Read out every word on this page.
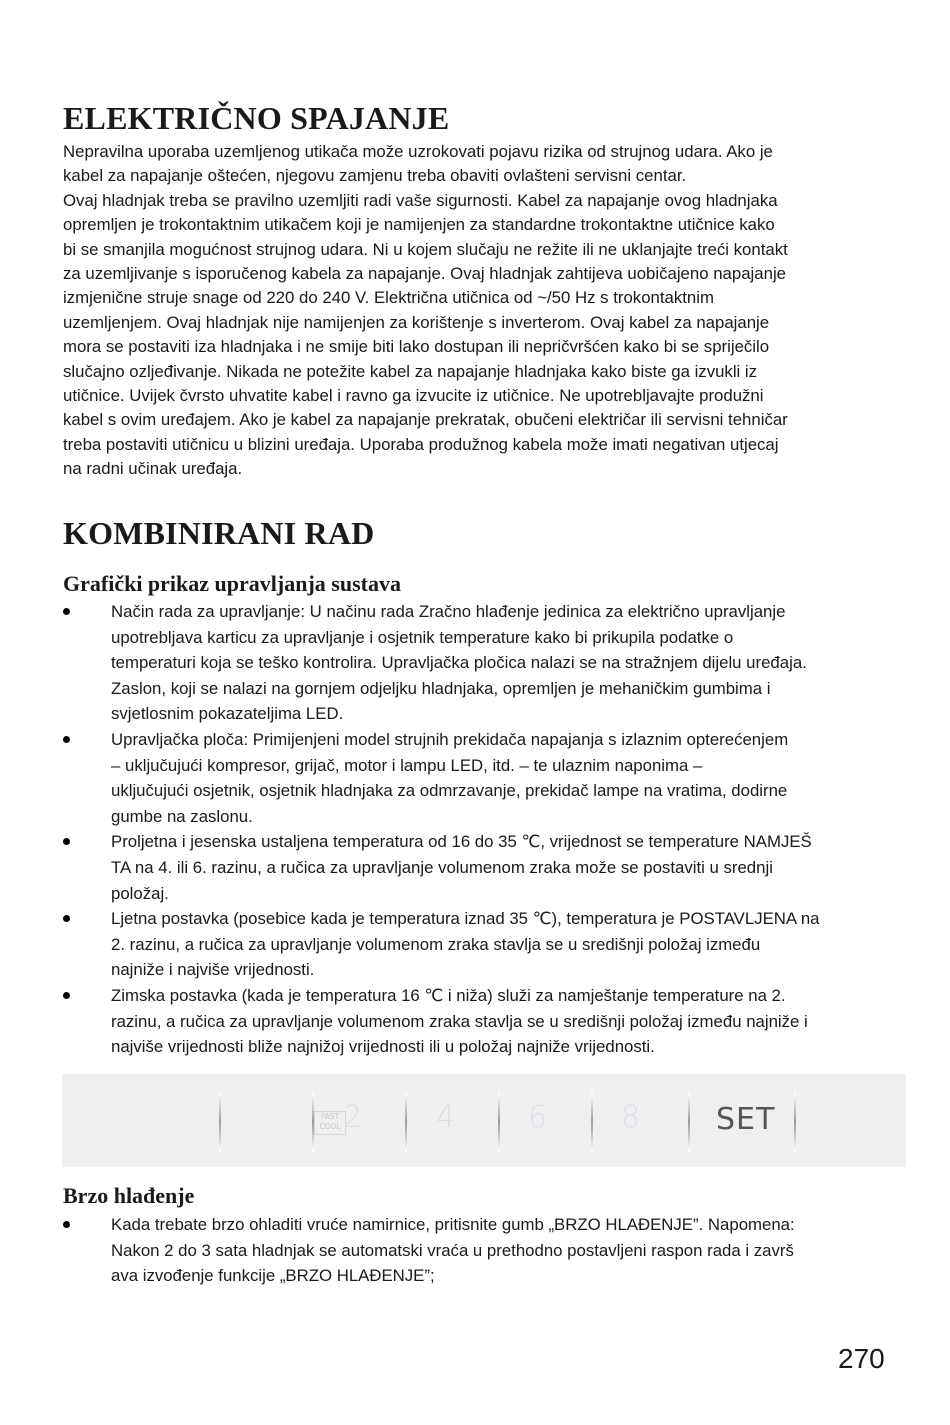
ELEKTRIČNO SPAJANJE

Nepravilna uporaba uzemljenog utikača može uzrokovati pojavu rizika od strujnog udara. Ako je

kabel za napajanje oštećen, njegovu zamjenu treba obaviti ovlašteni servisni centar.

Ovaj hladnjak treba se pravilno uzemljiti radi vaše sigurnosti. Kabel za napajanje ovog hladnjaka

opremljen je trokontaktnim utikačem koji je namijenjen za standardne trokontaktne utičnice kako

bi se smanjila mogućnost strujnog udara. Ni u kojem slučaju ne režite ili ne uklanjajte treći kontakt

za uzemljivanje s isporučenog kabela za napajanje. Ovaj hladnjak zahtijeva uobičajeno napajanje

izmjenične struje snage od 220 do 240 V. Električna utičnica od ~/50 Hz s trokontaktnim

uzemljenjem. Ovaj hladnjak nije namijenjen za korištenje s inverterom. Ovaj kabel za napajanje

mora se postaviti iza hladnjaka i ne smije biti lako dostupan ili nepričvršćen kako bi se spriječilo

slučajno ozljeđivanje. Nikada ne potežite kabel za napajanje hladnjaka kako biste ga izvukli iz

utičnice. Uvijek čvrsto uhvatite kabel i ravno ga izvucite iz utičnice. Ne upotrebljavajte produžni

kabel s ovim uređajem. Ako je kabel za napajanje prekratak, obučeni električar ili servisni tehničar

treba postaviti utičnicu u blizini uređaja. Uporaba produžnog kabela može imati negativan utjecaj

na radni učinak uređaja.

KOMBINIRANI RAD
Grafički prikaz upravljanja sustava
Način rada za upravljanje: U načinu rada Zračno hlađenje jedinica za električno upravljanje
upotrebljava karticu za upravljanje i osjetnik temperature kako bi prikupila podatke o
temperaturi koja se teško kontrolira. Upravljačka pločica nalazi se na stražnjem dijelu uređaja.
Zaslon, koji se nalazi na gornjem odjeljku hladnjaka, opremljen je mehaničkim gumbima i
svjetlosnim pokazateljima LED.
Upravljačka ploča: Primijenjeni model strujnih prekidača napajanja s izlaznim opterećenjem
– uključujući kompresor, grijač, motor i lampu LED, itd. – te ulaznim naponima –
uključujući osjetnik, osjetnik hladnjaka za odmrzavanje, prekidač lampe na vratima, dodirne
gumbe na zaslonu.
Proljetna i jesenska ustaljena temperatura od 16 do 35 ℃, vrijednost se temperature NAMJEŠ
TA na 4. ili 6. razinu, a ručica za upravljanje volumenom zraka može se postaviti u srednji
položaj.
Ljetna postavka (posebice kada je temperatura iznad 35 ℃), temperatura je POSTAVLJENA na
2. razinu, a ručica za upravljanje volumenom zraka stavlja se u središnji položaj između
najniže i najviše vrijednosti.
Zimska postavka (kada je temperatura 16 ℃ i niža) služi za namještanje temperature na 2.
razinu, a ručica za upravljanje volumenom zraka stavlja se u središnji položaj između najniže i
najviše vrijednosti bliže najnižoj vrijednosti ili u položaj najniže vrijednosti.
FAST
COOL 2 4 6 8	SET
Brzo hlađenje
Kada trebate brzo ohladiti vruće namirnice, pritisnite gumb „BRZO HLAĐENJE”. Napomena:
Nakon 2 do 3 sata hladnjak se automatski vraća u prethodno postavljeni raspon rada i završ
ava izvođenje funkcije „BRZO HLAĐENJE”;
270
